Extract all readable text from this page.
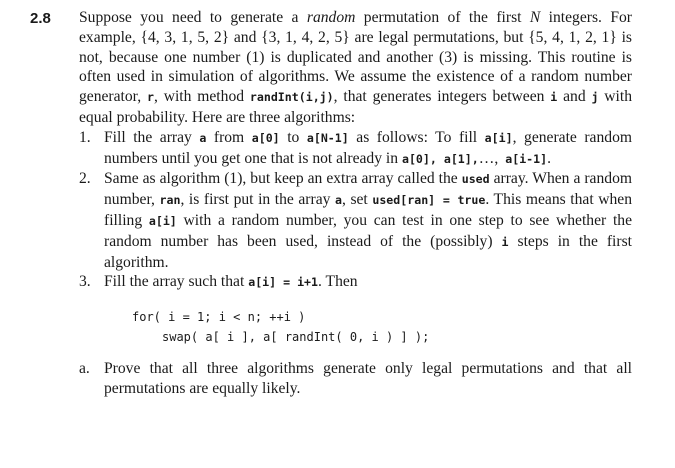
2.8 Suppose you need to generate a random permutation of the first N integers. For example, {4, 3, 1, 5, 2} and {3, 1, 4, 2, 5} are legal permutations, but {5, 4, 1, 2, 1} is not, because one number (1) is duplicated and another (3) is missing. This routine is often used in simulation of algorithms. We assume the existence of a random number generator, r, with method randInt(i,j), that generates integers between i and j with equal probability. Here are three algorithms:

1. Fill the array a from a[0] to a[N-1] as follows: To fill a[i], generate random numbers until you get one that is not already in a[0], a[1],…, a[i-1].
2. Same as algorithm (1), but keep an extra array called the used array. When a random number, ran, is first put in the array a, set used[ran] = true. This means that when filling a[i] with a random number, you can test in one step to see whether the random number has been used, instead of the (possibly) i steps in the first algorithm.
3. Fill the array such that a[i] = i+1. Then
for( i = 1; i < n; ++i )
swap( a[ i ], a[ randInt( 0, i ) ] );
a. Prove that all three algorithms generate only legal permutations and that all permutations are equally likely.
